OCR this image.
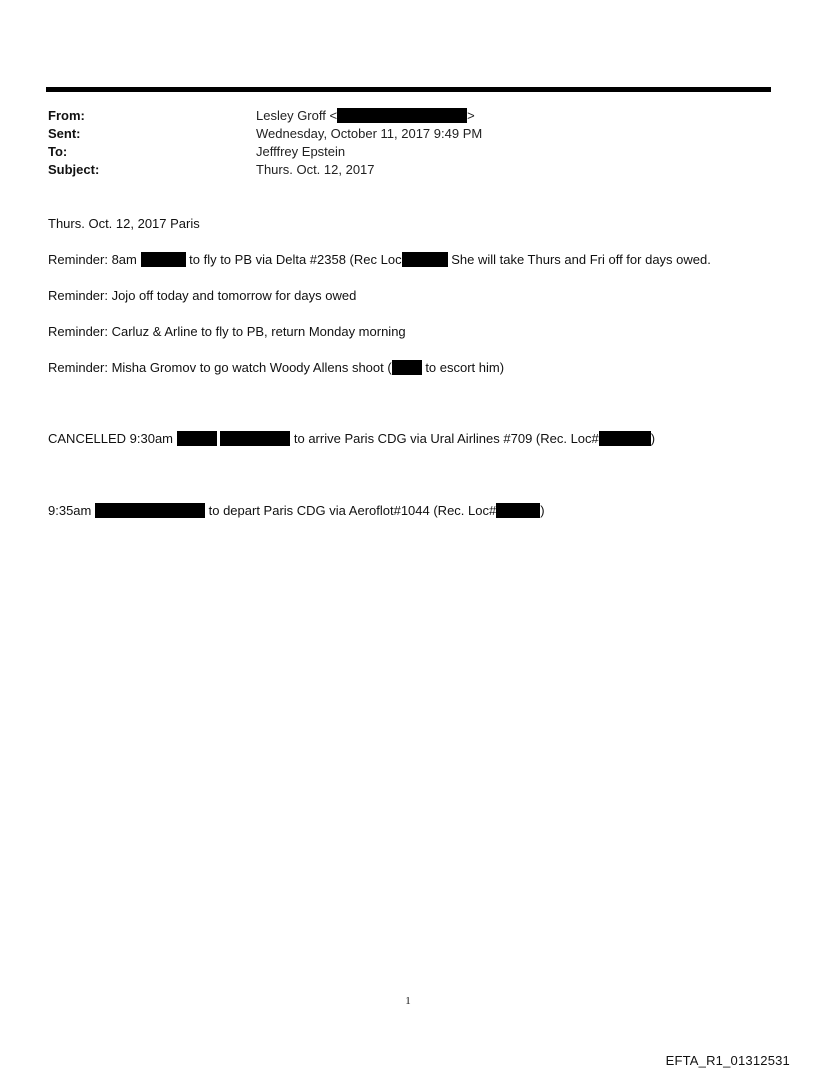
From:	Lesley Groff <	>
Sent:	Wednesday, October 11, 2017 9:49 PM
To:	Jefffrey Epstein
Subject:	Thurs. Oct. 12, 2017
Thurs. Oct. 12, 2017 Paris
Reminder: 8am	to fly to PB via Delta #2358 (Rec Loc	She will take Thurs and Fri off for days owed.
Reminder: Jojo off today and tomorrow for days owed
Reminder: Carluz & Arline to fly to PB, return Monday morning
Reminder: Misha Gromov to go watch Woody Allens shoot (	to escort him)
CANCELLED 9:30am	to arrive Paris CDG via Ural Airlines #709 (Rec. Loc#	)
9:35am	to depart Paris CDG via Aeroflot#1044 (Rec. Loc#	)
1
EFTA_R1_01312531
